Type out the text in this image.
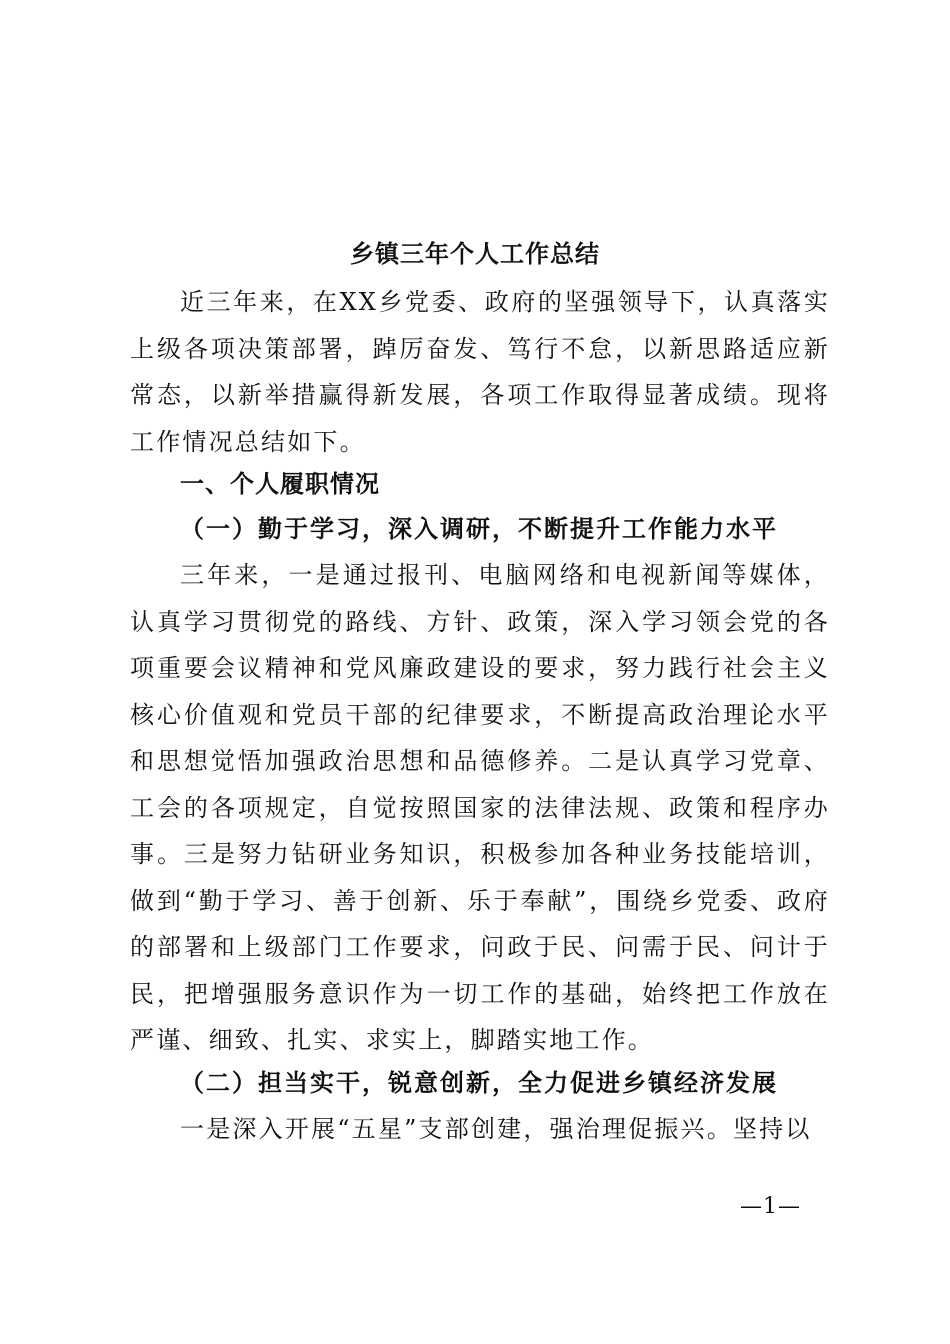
乡镇三年个人工作总结
近三年来，在XX乡党委、政府的坚强领导下，认真落实上级各项决策部署，踔厉奋发、笃行不怠，以新思路适应新常态，以新举措赢得新发展，各项工作取得显著成绩。现将工作情况总结如下。
一、个人履职情况
（一）勤于学习，深入调研，不断提升工作能力水平
三年来，一是通过报刊、电脑网络和电视新闻等媒体，认真学习贯彻党的路线、方针、政策，深入学习领会党的各项重要会议精神和党风廉政建设的要求，努力践行社会主义核心价值观和党员干部的纪律要求，不断提高政治理论水平和思想觉悟加强政治思想和品德修养。二是认真学习党章、工会的各项规定，自觉按照国家的法律法规、政策和程序办事。三是努力钻研业务知识，积极参加各种业务技能培训，做到“勤于学习、善于创新、乐于奉献”，围绕乡党委、政府的部署和上级部门工作要求，问政于民、问需于民、问计于民，把增强服务意识作为一切工作的基础，始终把工作放在严谨、细致、扎实、求实上，脚踏实地工作。
（二）担当实干，锐意创新，全力促进乡镇经济发展
一是深入开展“五星”支部创建，强治理促振兴。坚持以
—1—
